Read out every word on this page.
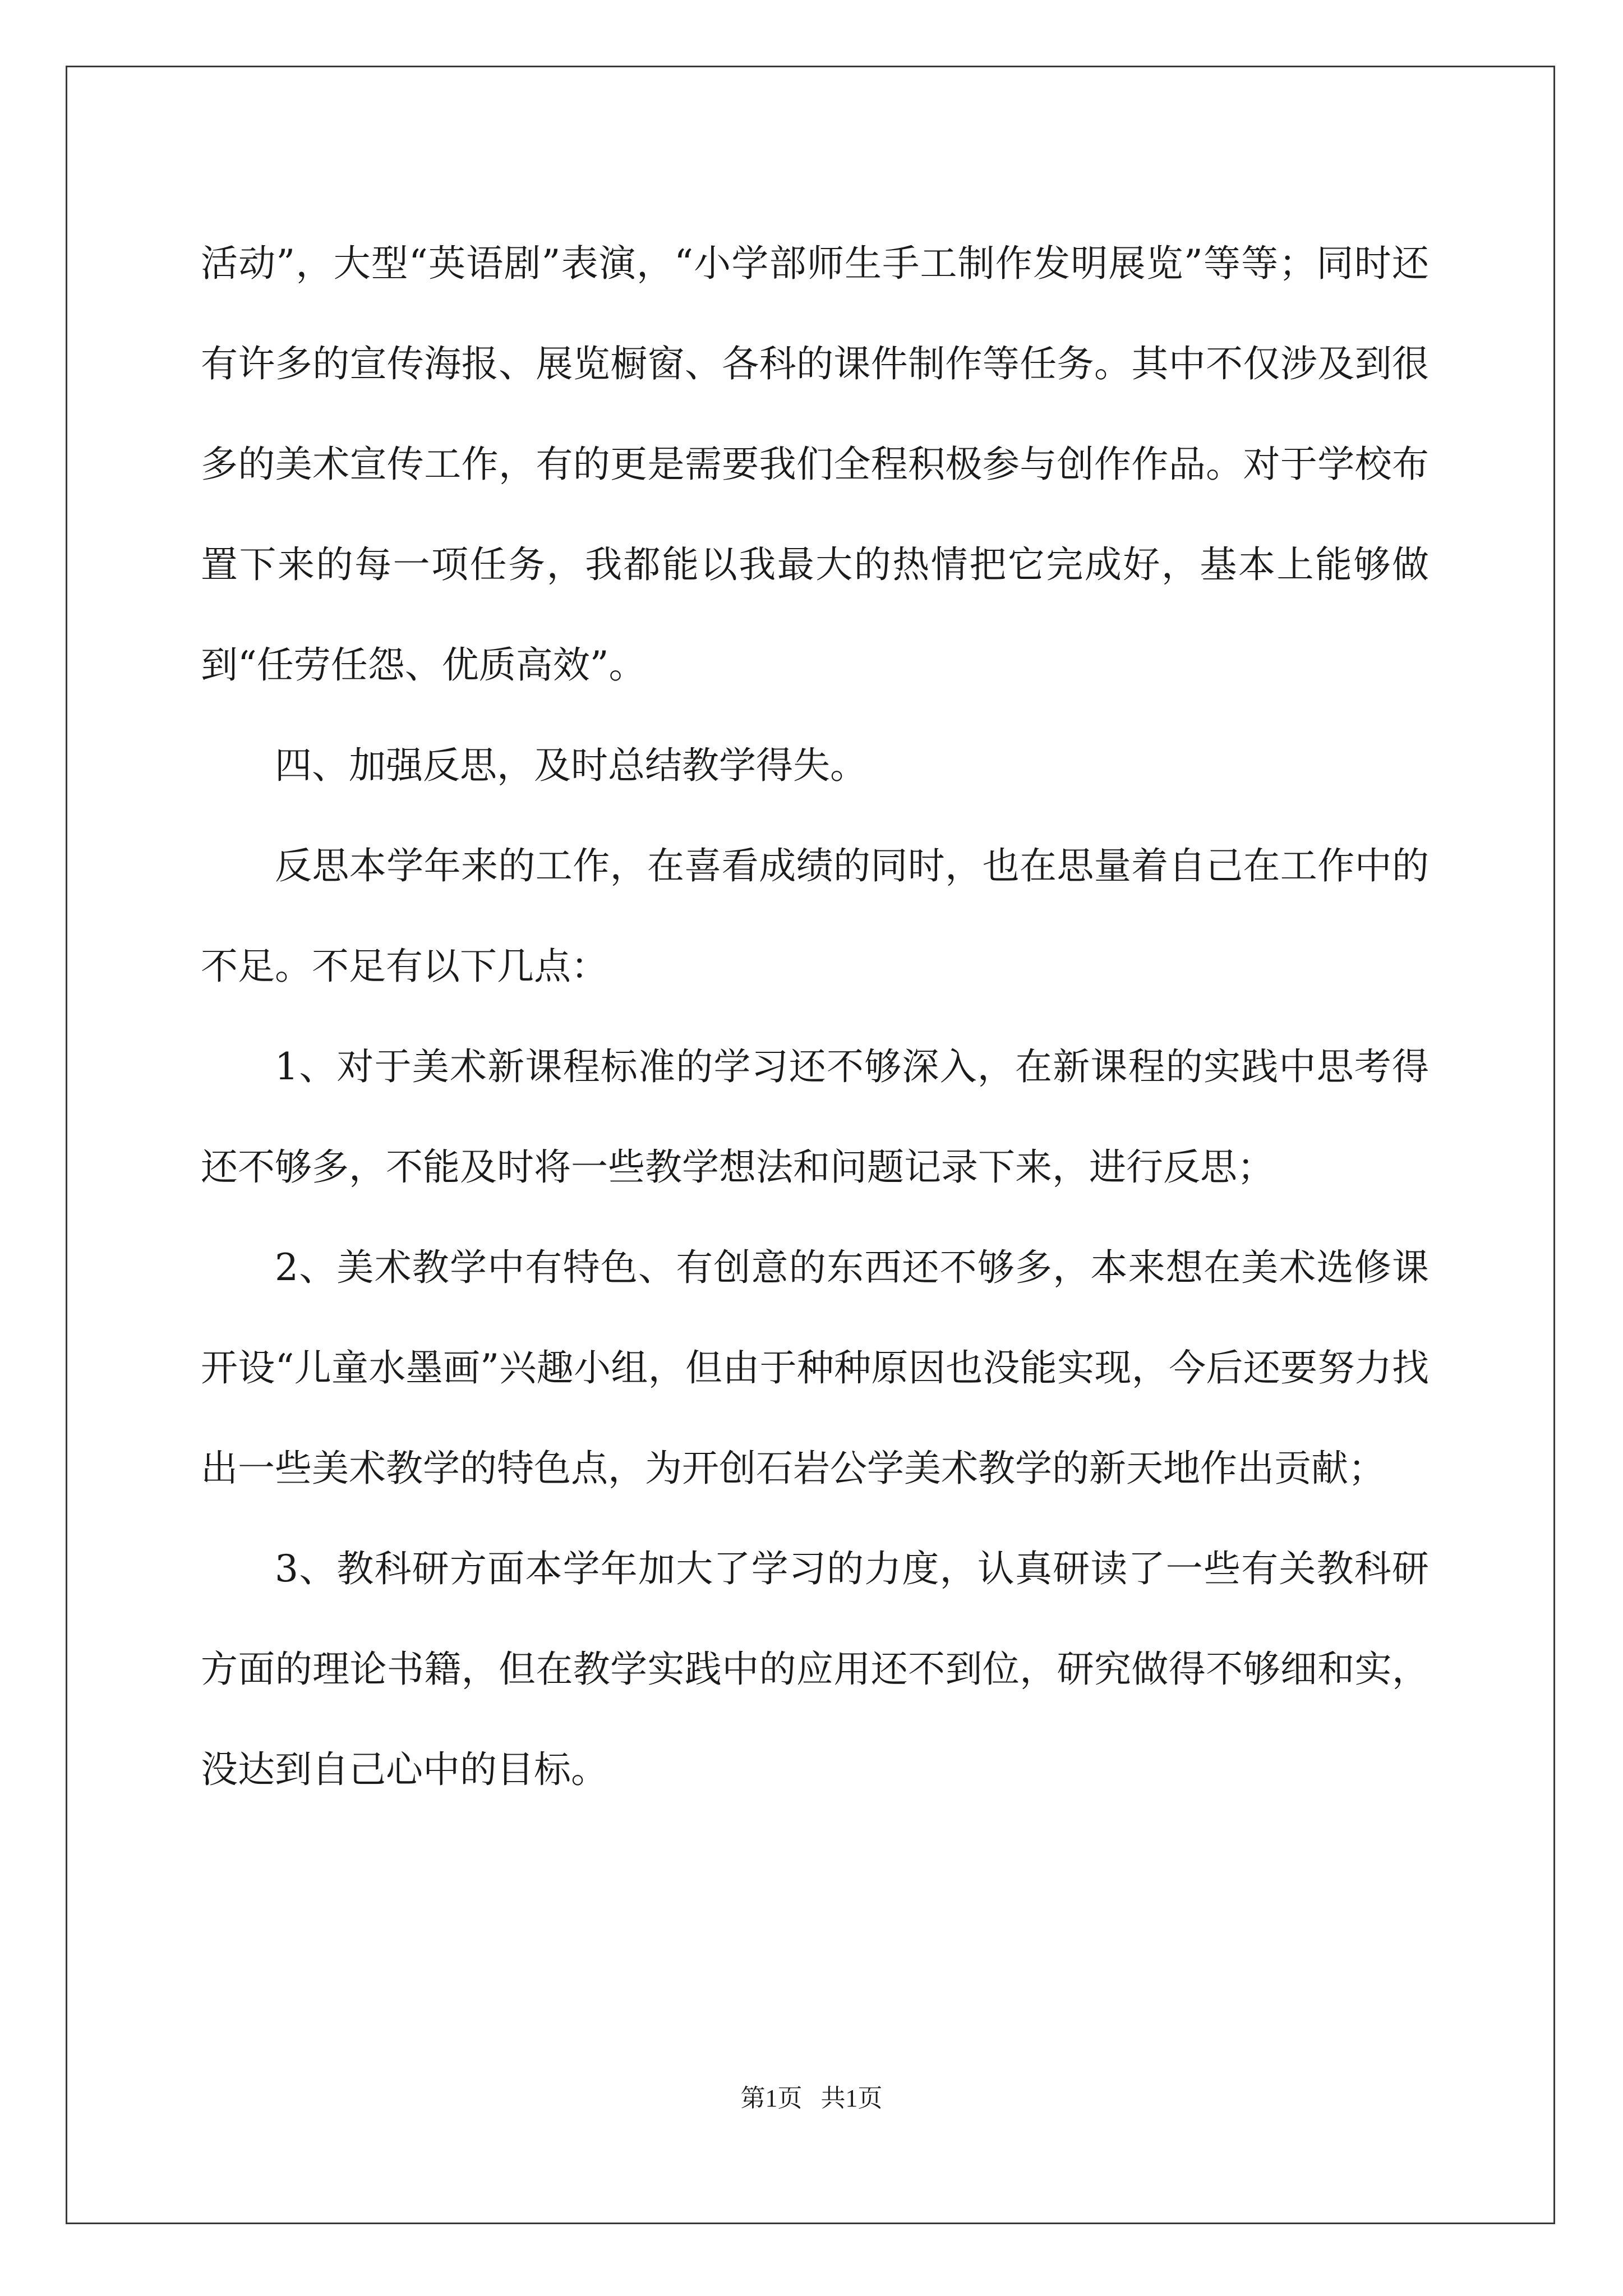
活动”，大型“英语剧”表演，“小学部师生手工制作发明展览”等等；同时还有许多的宣传海报、展览橱窗、各科的课件制作等任务。其中不仅涉及到很多的美术宣传工作，有的更是需要我们全程积极参与创作作品。对于学校布置下来的每一项任务，我都能以我最大的热情把它完成好，基本上能够做到“任劳任怨、优质高效”。

四、加强反思，及时总结教学得失。

反思本学年来的工作，在喜看成绩的同时，也在思量着自己在工作中的不足。不足有以下几点：

1、对于美术新课程标准的学习还不够深入，在新课程的实践中思考得还不够多，不能及时将一些教学想法和问题记录下来，进行反思；

2、美术教学中有特色、有创意的东西还不够多，本来想在美术选修课开设“儿童水墨画”兴趣小组，但由于种种原因也没能实现，今后还要努力找出一些美术教学的特色点，为开创石岩公学美术教学的新天地作出贡献；

3、教科研方面本学年加大了学习的力度，认真研读了一些有关教科研方面的理论书籍，但在教学实践中的应用还不到位，研究做得不够细和实，没达到自己心中的目标。

第1页   共1页
